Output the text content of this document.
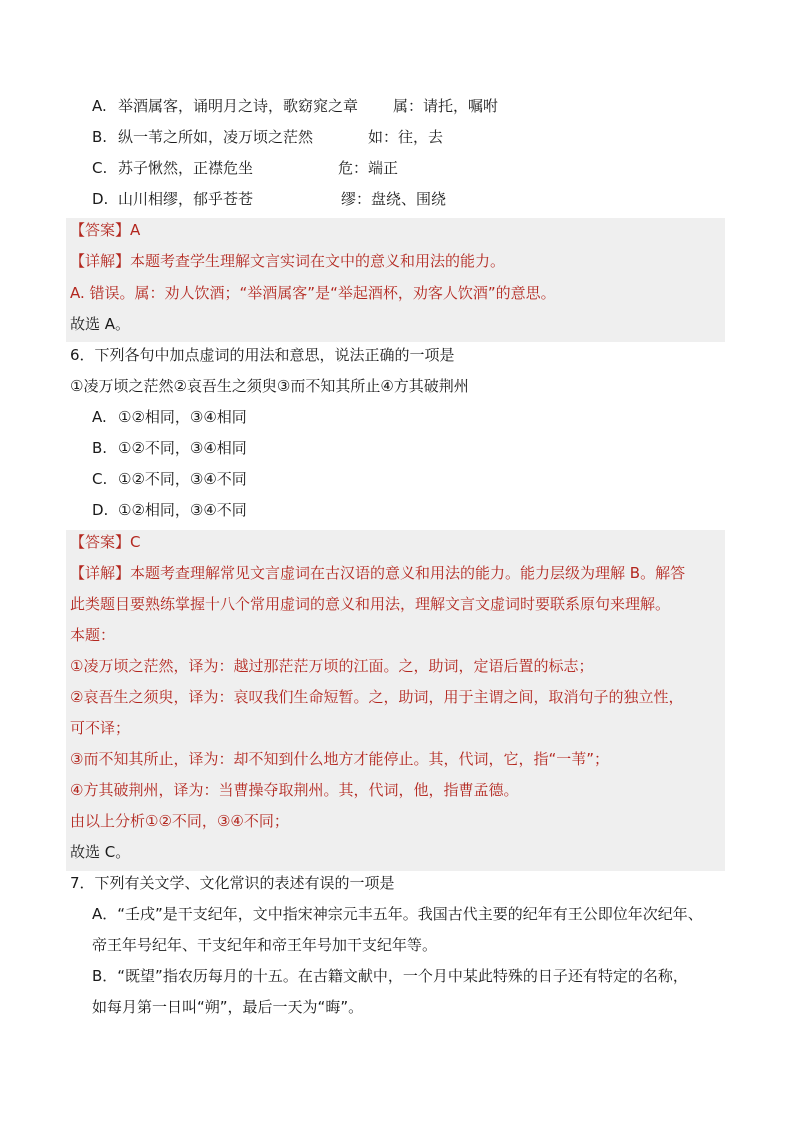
A. 举酒属客，诵明月之诗，歌窈窕之章 属：请托，嘱咐
B. 纵一苇之所如，凌万顷之茫然	如：往，去
C. 苏子愀然，正襟危坐	危：端正
D. 山川相缪，郁乎苍苍	缪：盘绕、围绕
【答案】A
【详解】本题考查学生理解文言实词在文中的意义和用法的能力。
A. 错误。属：劝人饮酒；“举酒属客”是“举起酒杯，劝客人饮酒”的意思。
故选 A。
6．下列各句中加点虚词的用法和意思，说法正确的一项是
①凌万顷之茫然②哀吾生之须臾③而不知其所止④方其破荆州
A. ①②相同，③④相同
B. ①②不同，③④相同
C. ①②不同，③④不同
D. ①②相同，③④不同
【答案】C
【详解】本题考查理解常见文言虚词在古汉语的意义和用法的能力。能力层级为理解 B。解答
此类题目要熟练掌握十八个常用虚词的意义和用法，理解文言文虚词时要联系原句来理解。
本题：
①凌万顷之茫然，译为：越过那茫茫万顷的江面。之，助词，定语后置的标志；
②哀吾生之须臾，译为：哀叹我们生命短暂。之，助词，用于主谓之间，取消句子的独立性，
可不译；
③而不知其所止，译为：却不知到什么地方才能停止。其，代词，它，指“一苇”；
④方其破荆州，译为：当曹操夺取荆州。其，代词，他，指曹孟德。
由以上分析①②不同，③④不同；
故选 C。
7．下列有关文学、文化常识的表述有误的一项是
A．“壬戌”是干支纪年，文中指宋神宗元丰五年。我国古代主要的纪年有王公即位年次纪年、
帝王年号纪年、干支纪年和帝王年号加干支纪年等。
B．“既望”指农历每月的十五。在古籍文献中，一个月中某此特殊的日子还有特定的名称，
如每月第一日叫“朔”，最后一天为“晦”。
